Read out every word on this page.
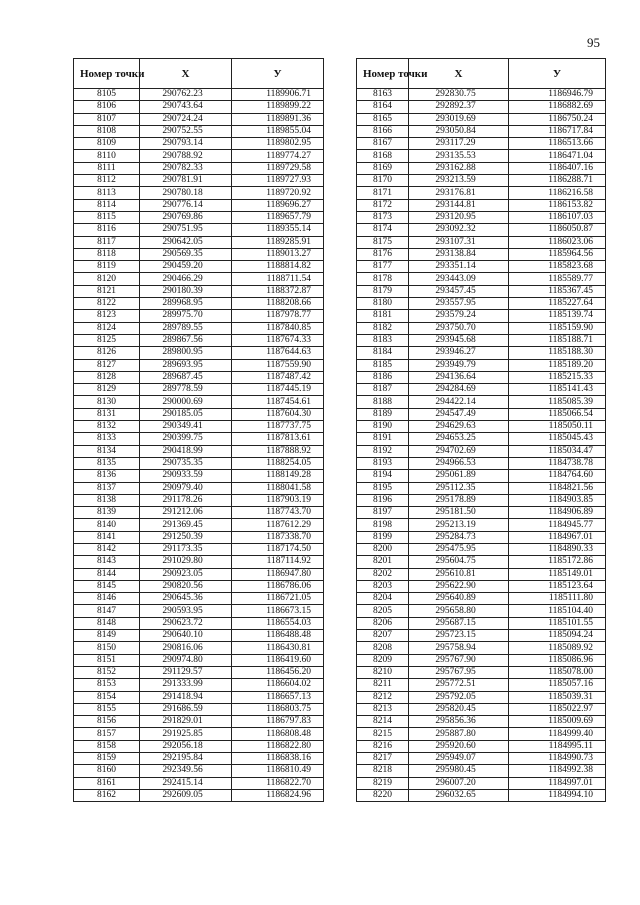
95
Номер точки	X	У
8105	290762.23	1189906.71
8106	290743.64	1189899.22
8107	290724.24	1189891.36
8108	290752.55	1189855.04
8109	290793.14	1189802.95
8110	290788.92	1189774.27
8111	290782.33	1189729.58
8112	290781.91	1189727.93
8113	290780.18	1189720.92
8114	290776.14	1189696.27
8115	290769.86	1189657.79
8116	290751.95	1189355.14
8117	290642.05	1189285.91
8118	290569.35	1189013.27
8119	290459.20	1188814.82
8120	290466.29	1188711.54
8121	290180.39	1188372.87
8122	289968.95	1188208.66
8123	289975.70	1187978.77
8124	289789.55	1187840.85
8125	289867.56	1187674.33
8126	289800.95	1187644.63
8127	289693.95	1187559.90
8128	289687.45	1187487.42
8129	289778.59	1187445.19
8130	290000.69	1187454.61
8131	290185.05	1187604.30
8132	290349.41	1187737.75
8133	290399.75	1187813.61
8134	290418.99	1187888.92
8135	290735.35	1188254.05
8136	290933.59	1188149.28
8137	290979.40	1188041.58
8138	291178.26	1187903.19
8139	291212.06	1187743.70
8140	291369.45	1187612.29
8141	291250.39	1187338.70
8142	291173.35	1187174.50
8143	291029.80	1187114.92
8144	290923.05	1186947.80
8145	290820.56	1186786.06
8146	290645.36	1186721.05
8147	290593.95	1186673.15
8148	290623.72	1186554.03
8149	290640.10	1186488.48
8150	290816.06	1186430.81
8151	290974.80	1186419.60
8152	291129.57	1186456.20
8153	291333.99	1186604.02
8154	291418.94	1186657.13
8155	291686.59	1186803.75
8156	291829.01	1186797.83
8157	291925.85	1186808.48
8158	292056.18	1186822.80
8159	292195.84	1186838.16
8160	292349.56	1186810.49
8161	292415.14	1186822.70
8162	292609.05	1186824.96
Номер точки	X	У
8163	292830.75	1186946.79
8164	292892.37	1186882.69
8165	293019.69	1186750.24
8166	293050.84	1186717.84
8167	293117.29	1186513.66
8168	293135.53	1186471.04
8169	293162.88	1186407.16
8170	293213.59	1186288.71
8171	293176.81	1186216.58
8172	293144.81	1186153.82
8173	293120.95	1186107.03
8174	293092.32	1186050.87
8175	293107.31	1186023.06
8176	293138.84	1185964.56
8177	293351.14	1185823.68
8178	293443.09	1185589.77
8179	293457.45	1185367.45
8180	293557.95	1185227.64
8181	293579.24	1185139.74
8182	293750.70	1185159.90
8183	293945.68	1185188.71
8184	293946.27	1185188.30
8185	293949.79	1185189.20
8186	294136.64	1185215.33
8187	294284.69	1185141.43
8188	294422.14	1185085.39
8189	294547.49	1185066.54
8190	294629.63	1185050.11
8191	294653.25	1185045.43
8192	294702.69	1185034.47
8193	294966.53	1184738.78
8194	295061.89	1184764.60
8195	295112.35	1184821.56
8196	295178.89	1184903.85
8197	295181.50	1184906.89
8198	295213.19	1184945.77
8199	295284.73	1184967.01
8200	295475.95	1184890.33
8201	295604.75	1185172.86
8202	295610.81	1185149.01
8203	295622.90	1185123.64
8204	295640.89	1185111.80
8205	295658.80	1185104.40
8206	295687.15	1185101.55
8207	295723.15	1185094.24
8208	295758.94	1185089.92
8209	295767.90	1185086.96
8210	295767.95	1185078.00
8211	295772.51	1185057.16
8212	295792.05	1185039.31
8213	295820.45	1185022.97
8214	295856.36	1185009.69
8215	295887.80	1184999.40
8216	295920.60	1184995.11
8217	295949.07	1184990.73
8218	295980.45	1184992.38
8219	296007.20	1184997.01
8220	296032.65	1184994.10
